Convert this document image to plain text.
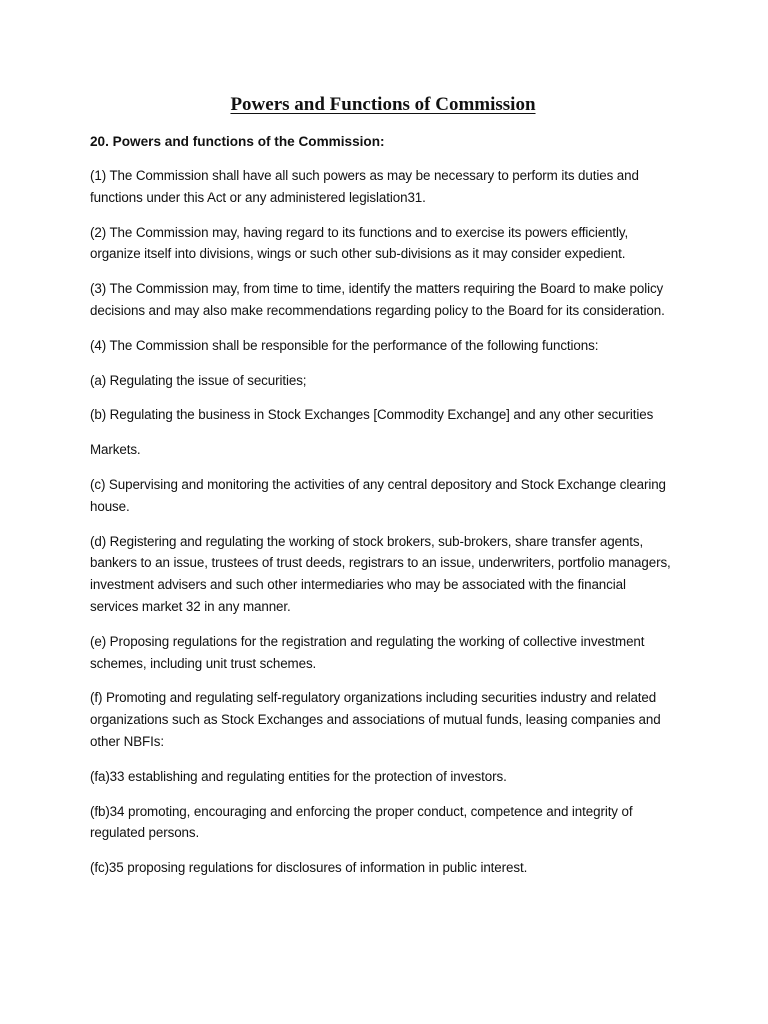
Powers and Functions of Commission
20. Powers and functions of the Commission:

(1) The Commission shall have all such powers as may be necessary to perform its duties and functions under this Act or any administered legislation31.

(2) The Commission may, having regard to its functions and to exercise its powers efficiently, organize itself into divisions, wings or such other sub-divisions as it may consider expedient.

(3) The Commission may, from time to time, identify the matters requiring the Board to make policy decisions and may also make recommendations regarding policy to the Board for its consideration.

(4) The Commission shall be responsible for the performance of the following functions:

(a) Regulating the issue of securities;

(b) Regulating the business in Stock Exchanges [Commodity Exchange] and any other securities

Markets.

(c) Supervising and monitoring the activities of any central depository and Stock Exchange clearing house.

(d) Registering and regulating the working of stock brokers, sub-brokers, share transfer agents, bankers to an issue, trustees of trust deeds, registrars to an issue, underwriters, portfolio managers, investment advisers and such other intermediaries who may be associated with the financial services market 32 in any manner.

(e) Proposing regulations for the registration and regulating the working of collective investment schemes, including unit trust schemes.

(f) Promoting and regulating self-regulatory organizations including securities industry and related organizations such as Stock Exchanges and associations of mutual funds, leasing companies and other NBFIs:

(fa)33 establishing and regulating entities for the protection of investors.

(fb)34 promoting, encouraging and enforcing the proper conduct, competence and integrity of regulated persons.

(fc)35 proposing regulations for disclosures of information in public interest.
